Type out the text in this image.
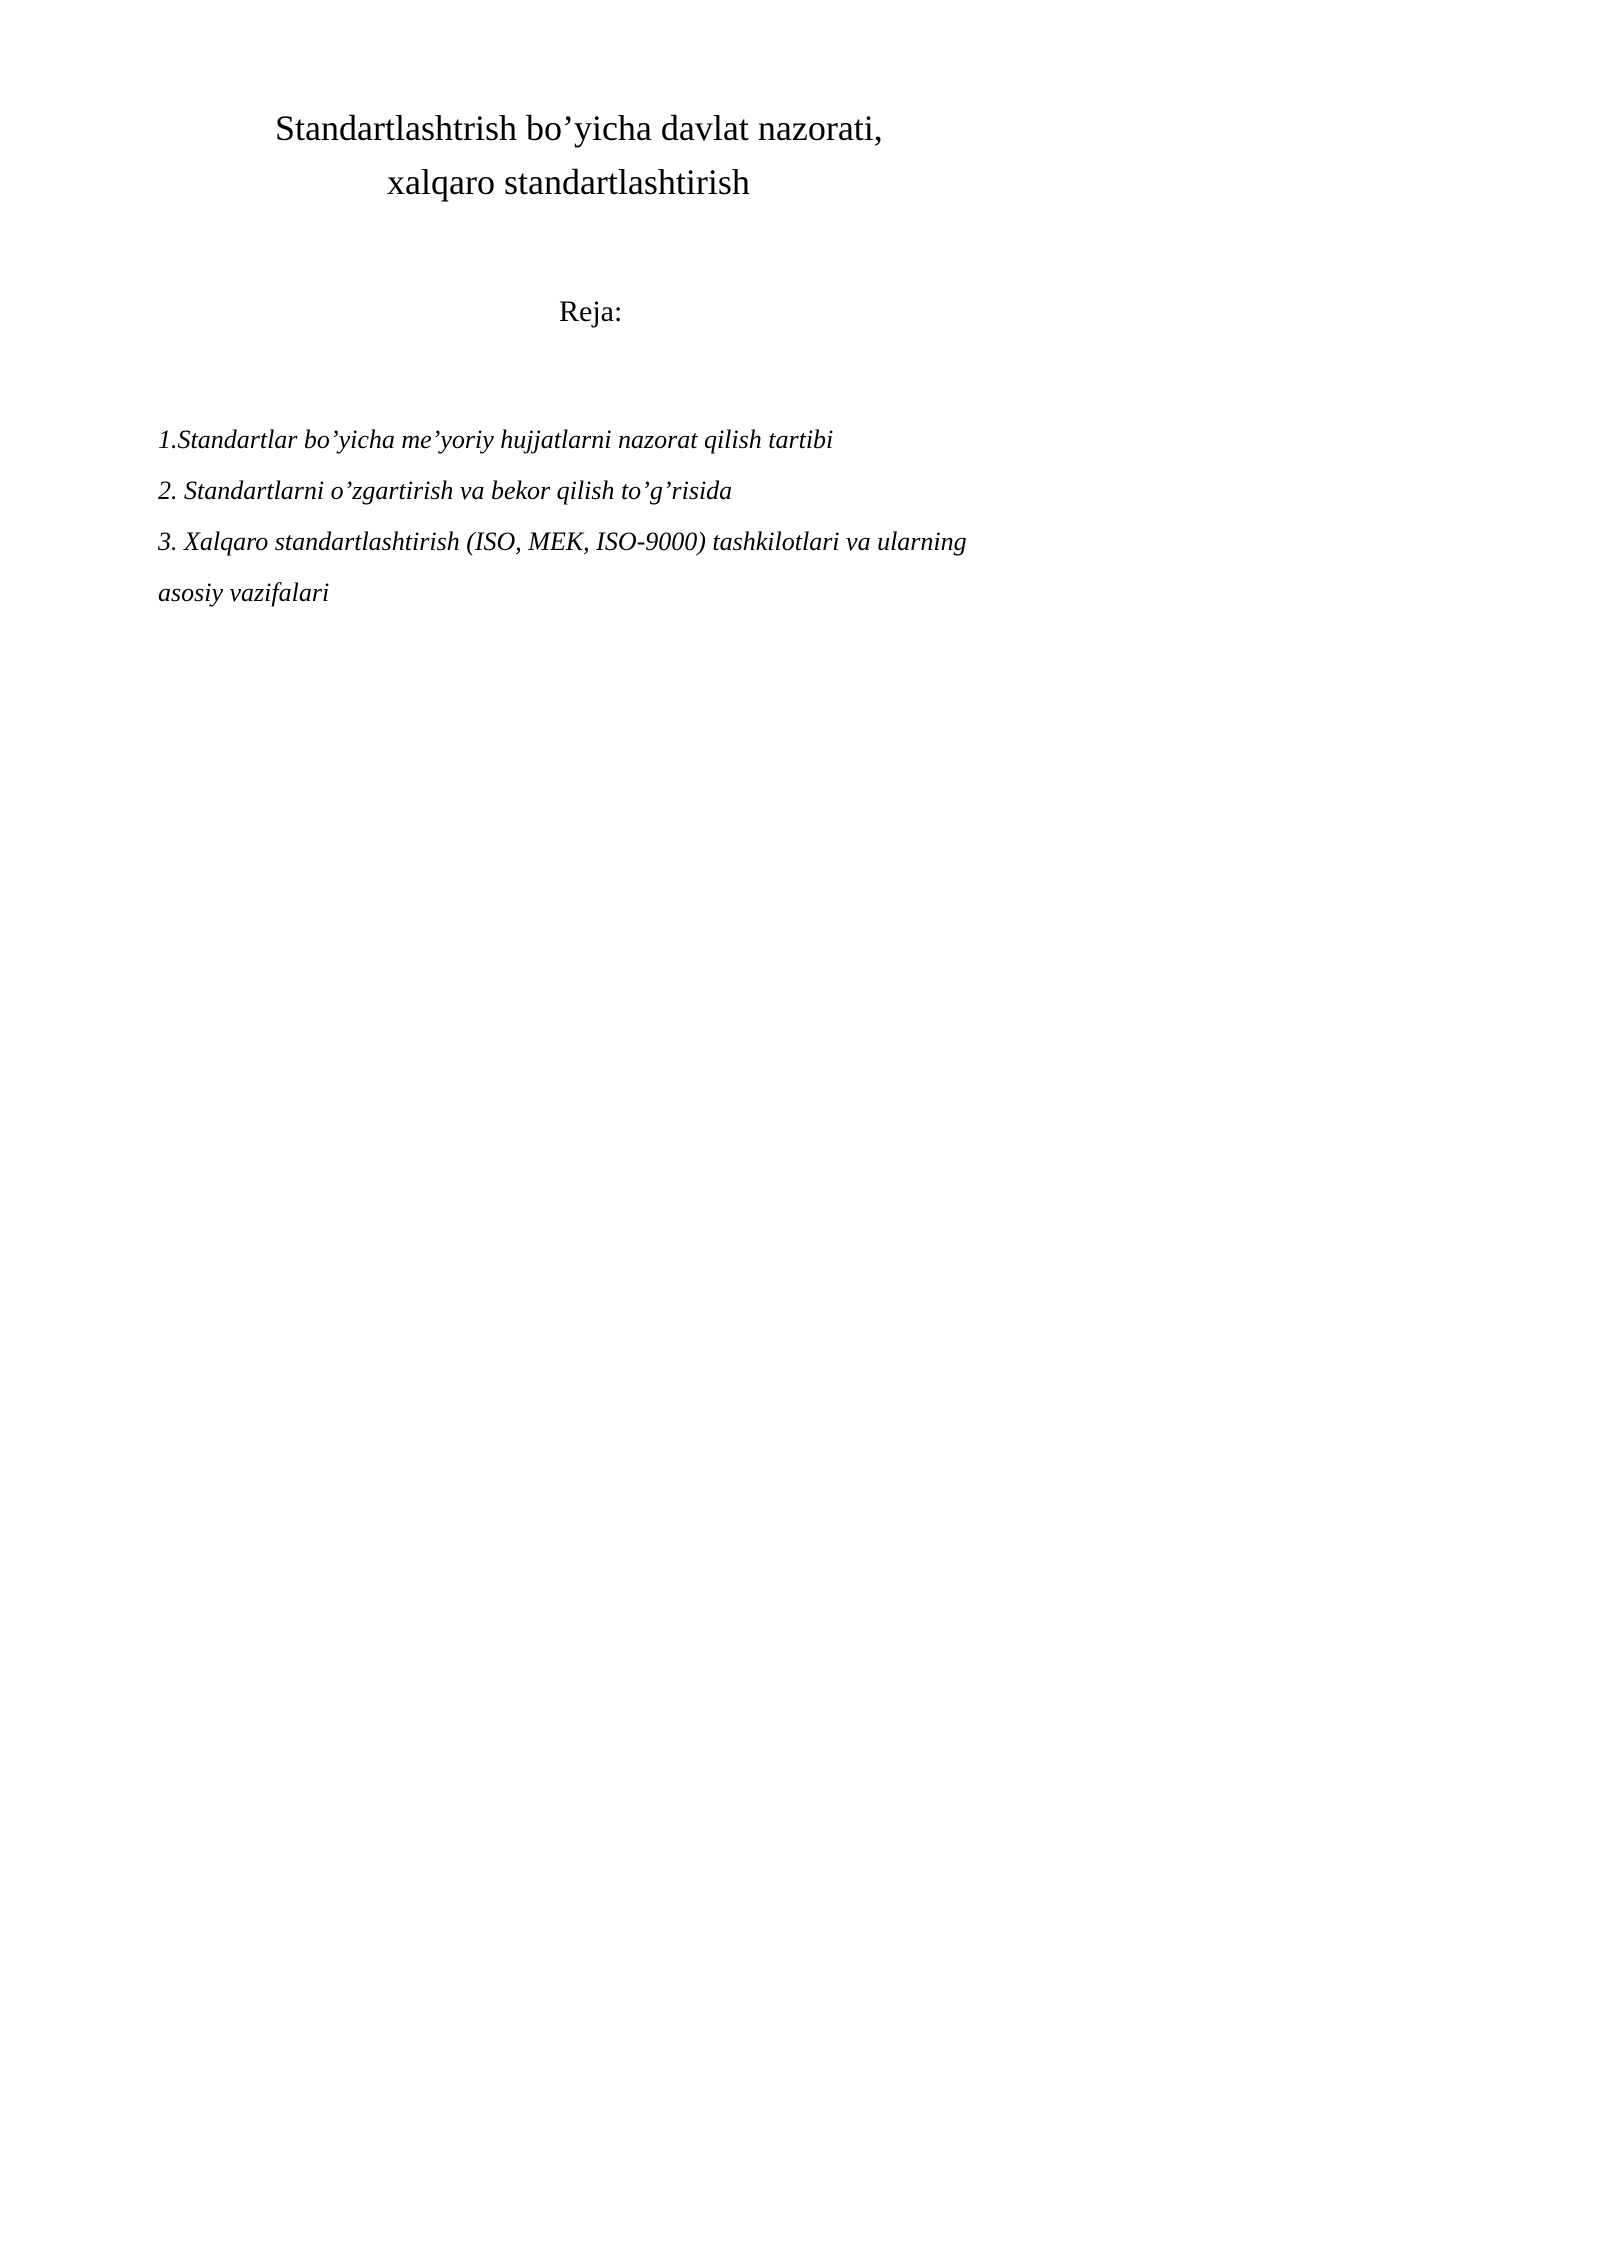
Standartlashtrish bo’yicha davlat nazorati,
xalqaro standartlashtirish
Reja:
1.Standartlar bo’yicha me’yoriy hujjatlarni nazorat qilish tartibi
2. Standartlarni o’zgartirish va bekor qilish to’g’risida
3. Xalqaro standartlashtirish (ISO, MEK, ISO-9000) tashkilotlari va ularning asosiy vazifalari
